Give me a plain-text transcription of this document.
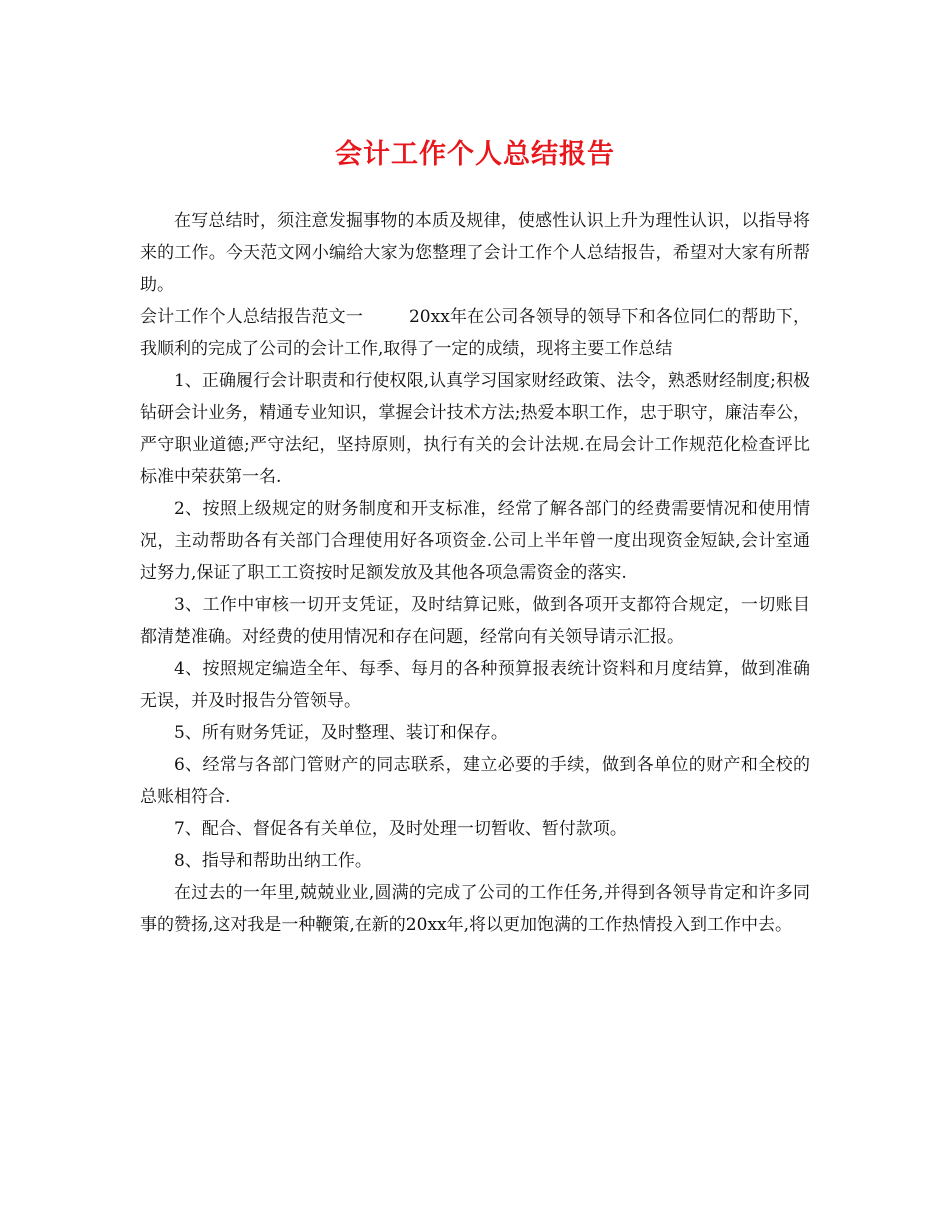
会计工作个人总结报告

在写总结时，须注意发掘事物的本质及规律，使感性认识上升为理性认识，以指导将来的工作。今天范文网小编给大家为您整理了会计工作个人总结报告，希望对大家有所帮助。

会计工作个人总结报告范文一	20xx年在公司各领导的领导下和各位同仁的帮助下，我顺利的完成了公司的会计工作,取得了一定的成绩，现将主要工作总结

1、正确履行会计职责和行使权限,认真学习国家财经政策、法令，熟悉财经制度;积极钻研会计业务，精通专业知识，掌握会计技术方法;热爱本职工作，忠于职守，廉洁奉公，严守职业道德;严守法纪，坚持原则，执行有关的会计法规.在局会计工作规范化检查评比标准中荣获第一名.

2、按照上级规定的财务制度和开支标准，经常了解各部门的经费需要情况和使用情况，主动帮助各有关部门合理使用好各项资金.公司上半年曾一度出现资金短缺,会计室通过努力,保证了职工工资按时足额发放及其他各项急需资金的落实.

3、工作中审核一切开支凭证，及时结算记账，做到各项开支都符合规定，一切账目都清楚准确。对经费的使用情况和存在问题，经常向有关领导请示汇报。

4、按照规定编造全年、每季、每月的各种预算报表统计资料和月度结算，做到准确无误，并及时报告分管领导。

5、所有财务凭证，及时整理、装订和保存。

6、经常与各部门管财产的同志联系，建立必要的手续，做到各单位的财产和全校的总账相符合.

7、配合、督促各有关单位，及时处理一切暂收、暂付款项。

8、指导和帮助出纳工作。

在过去的一年里,兢兢业业,圆满的完成了公司的工作任务,并得到各领导肯定和许多同事的赞扬,这对我是一种鞭策,在新的20xx年,将以更加饱满的工作热情投入到工作中去。
